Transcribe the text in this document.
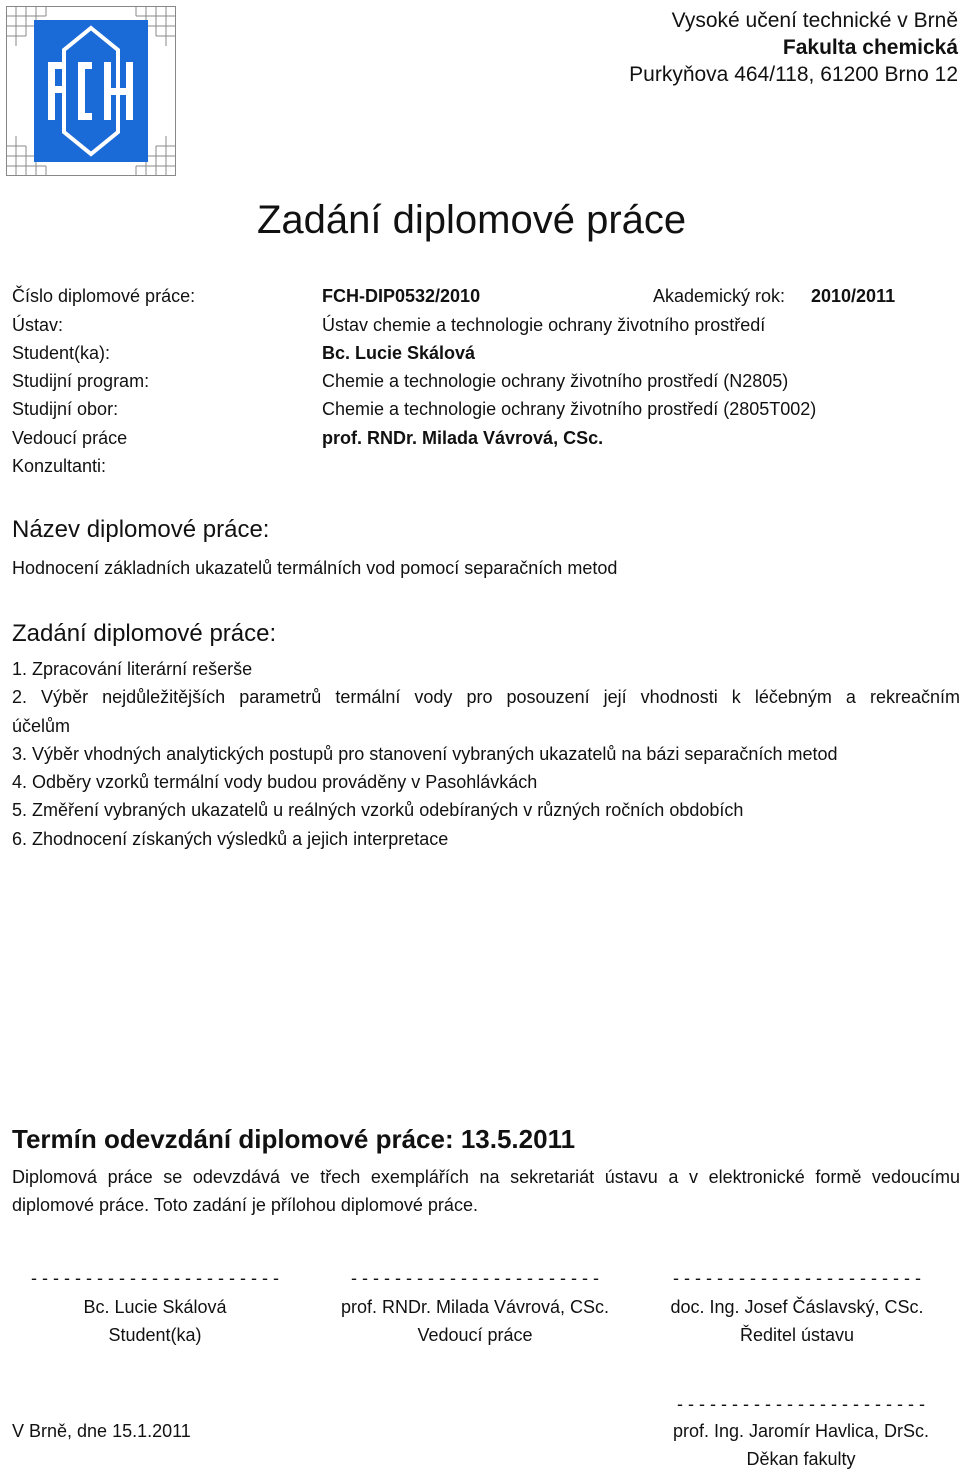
Vysoké učení technické v Brně
Fakulta chemická
Purkyňova 464/118, 61200 Brno 12
Zadání diplomové práce
Číslo diplomové práce:	FCH-DIP0532/2010	Akademický rok: 2010/2011
Ústav:	Ústav chemie a technologie ochrany životního prostředí
Student(ka):	Bc. Lucie Skálová
Studijní program:	Chemie a technologie ochrany životního prostředí (N2805)
Studijní obor:	Chemie a technologie ochrany životního prostředí (2805T002)
Vedoucí práce	prof. RNDr. Milada Vávrová, CSc.
Konzultanti:
Název diplomové práce:
Hodnocení základních ukazatelů termálních vod pomocí separačních metod
Zadání diplomové práce:
1. Zpracování literární rešerše
2. Výběr nejdůležitějších parametrů termální vody pro posouzení její vhodnosti k léčebným a rekreačním
účelům
3. Výběr vhodných analytických postupů pro stanovení vybraných ukazatelů na bázi separačních metod
4. Odběry vzorků termální vody budou prováděny v Pasohlávkách
5. Změření vybraných ukazatelů u reálných vzorků odebíraných v různých ročních obdobích
6. Zhodnocení získaných výsledků a jejich interpretace
Termín odevzdání diplomové práce: 13.5.2011
Diplomová práce se odevzdává ve třech exemplářích na sekretariát ústavu a v elektronické formě vedoucímu diplomové práce. Toto zadání je přílohou diplomové práce.
- - - - - - - - - - - - - - - - - - - - - - -	- - - - - - - - - - - - - - - - - - - - - - -	- - - - - - - - - - - - - - - - - - - - - - -
Bc. Lucie Skálová	prof. RNDr. Milada Vávrová, CSc.	doc. Ing. Josef Čáslavský, CSc.
Student(ka)	Vedoucí práce	Ředitel ústavu
- - - - - - - - - - - - - - - - - - - - - - -
V Brně, dne 15.1.2011	prof. Ing. Jaromír Havlica, DrSc.
Děkan fakulty
